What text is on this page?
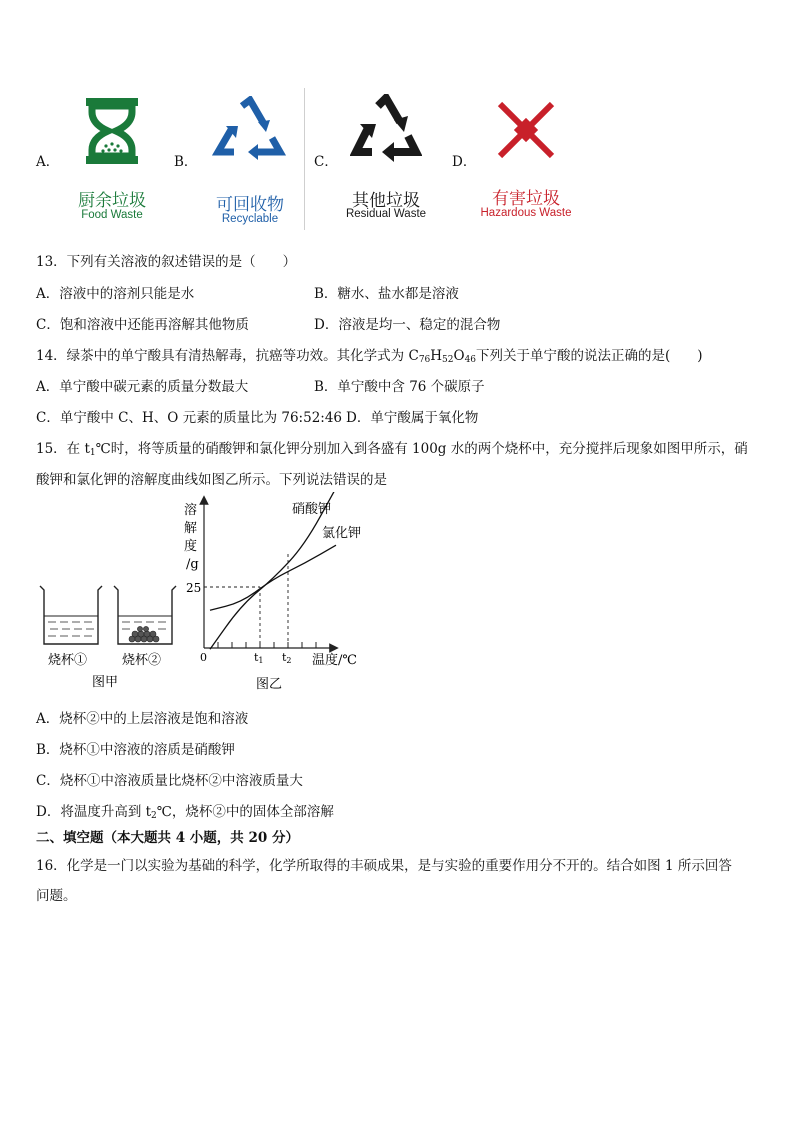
A．	B．	C．	D．
厨余垃圾
Food Waste	可回收物
Recyclable
其他垃圾
Residual Waste
有害垃圾
Hazardous Waste
13．下列有关溶液的叙述错误的是（　　）
A．溶液中的溶剂只能是水	B．糖水、盐水都是溶液
C．饱和溶液中还能再溶解其他物质	D．溶液是均一、稳定的混合物
14．绿茶中的单宁酸具有清热解毒，抗癌等功效。其化学式为 $C_{76}H_{52}O_{46}$下列关于单宁酸的说法正确的是(　　)
A．单宁酸中碳元素的质量分数最大	B．单宁酸中含 76 个碳原子
C．单宁酸中 C、H、O 元素的质量比为 76:52:46 D．单宁酸属于氧化物
15．在 $t_1℃$时，将等质量的硝酸钾和氯化钾分别加入到各盛有 100g 水的两个烧杯中，充分搅拌后现象如图甲所示，硝
酸钾和氯化钾的溶解度曲线如图乙所示。下列说法错误的是
烧杯①	烧杯②
图甲
溶
解
度
/g
25
0	t1 t2 温度/℃
硝酸钾
氯化钾
图乙
A．烧杯②中的上层溶液是饱和溶液
B．烧杯①中溶液的溶质是硝酸钾
C．烧杯①中溶液质量比烧杯②中溶液质量大
D．将温度升高到 $t_2℃$，烧杯②中的固体全部溶解
二、填空题（本大题共 4 小题，共 20 分）
16．化学是一门以实验为基础的科学，化学所取得的丰硕成果，是与实验的重要作用分不开的。结合如图 1 所示回答
问题。
